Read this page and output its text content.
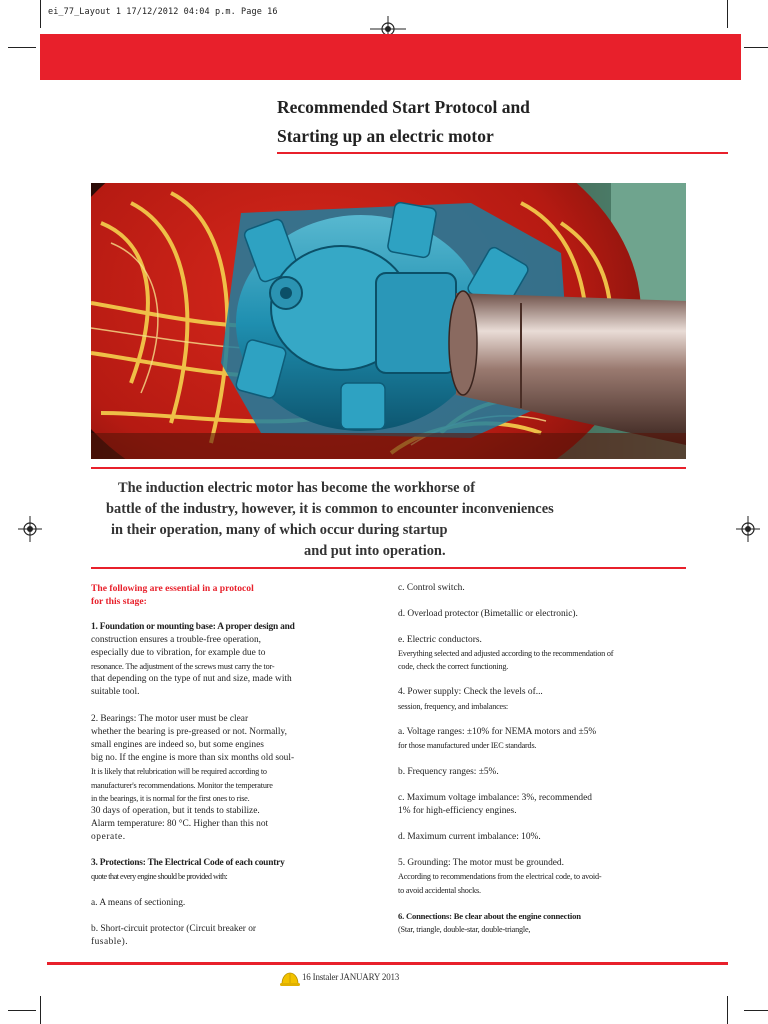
ei_77_Layout 1 17/12/2012 04:04 p.m. Page 16
Recommended Start Protocol and
Starting up an electric motor
The induction electric motor has become the workhorse of
battle of the industry, however, it is common to encounter inconveniences
in their operation, many of which occur during startup
and put into operation.

The following are essential in a protocol

for this stage:

1. Foundation or mounting base: A proper design and

construction ensures a trouble-free operation,

especially due to vibration, for example due to

resonance. The adjustment of the screws must carry the tor-

that depending on the type of nut and size, made with

suitable tool.

2. Bearings: The motor user must be clear

whether the bearing is pre-greased or not. Normally,

small engines are indeed so, but some engines

big no. If the engine is more than six months old soul-

It is likely that relubrication will be required according to

manufacturer's recommendations. Monitor the temperature

in the bearings, it is normal for the first ones to rise.

30 days of operation, but it tends to stabilize.

Alarm temperature: 80 °C. Higher than this not

operate.

3. Protections: The Electrical Code of each country

quote that every engine should be provided with:

a. A means of sectioning.

b. Short-circuit protector (Circuit breaker or

fusable).

c. Control switch.

d. Overload protector (Bimetallic or electronic).

e. Electric conductors.

Everything selected and adjusted according to the recommendation of

code, check the correct functioning.

4. Power supply: Check the levels of...

session, frequency, and imbalances:

a. Voltage ranges: ±10% for NEMA motors and ±5%

for those manufactured under IEC standards.

b. Frequency ranges: ±5%.

c. Maximum voltage imbalance: 3%, recommended

1% for high-efficiency engines.

d. Maximum current imbalance: 10%.

5. Grounding: The motor must be grounded.

According to recommendations from the electrical code, to avoid-

to avoid accidental shocks.

6. Connections: Be clear about the engine connection

(Star, triangle, double-star, double-triangle,

16 Instaler JANUARY 2013
